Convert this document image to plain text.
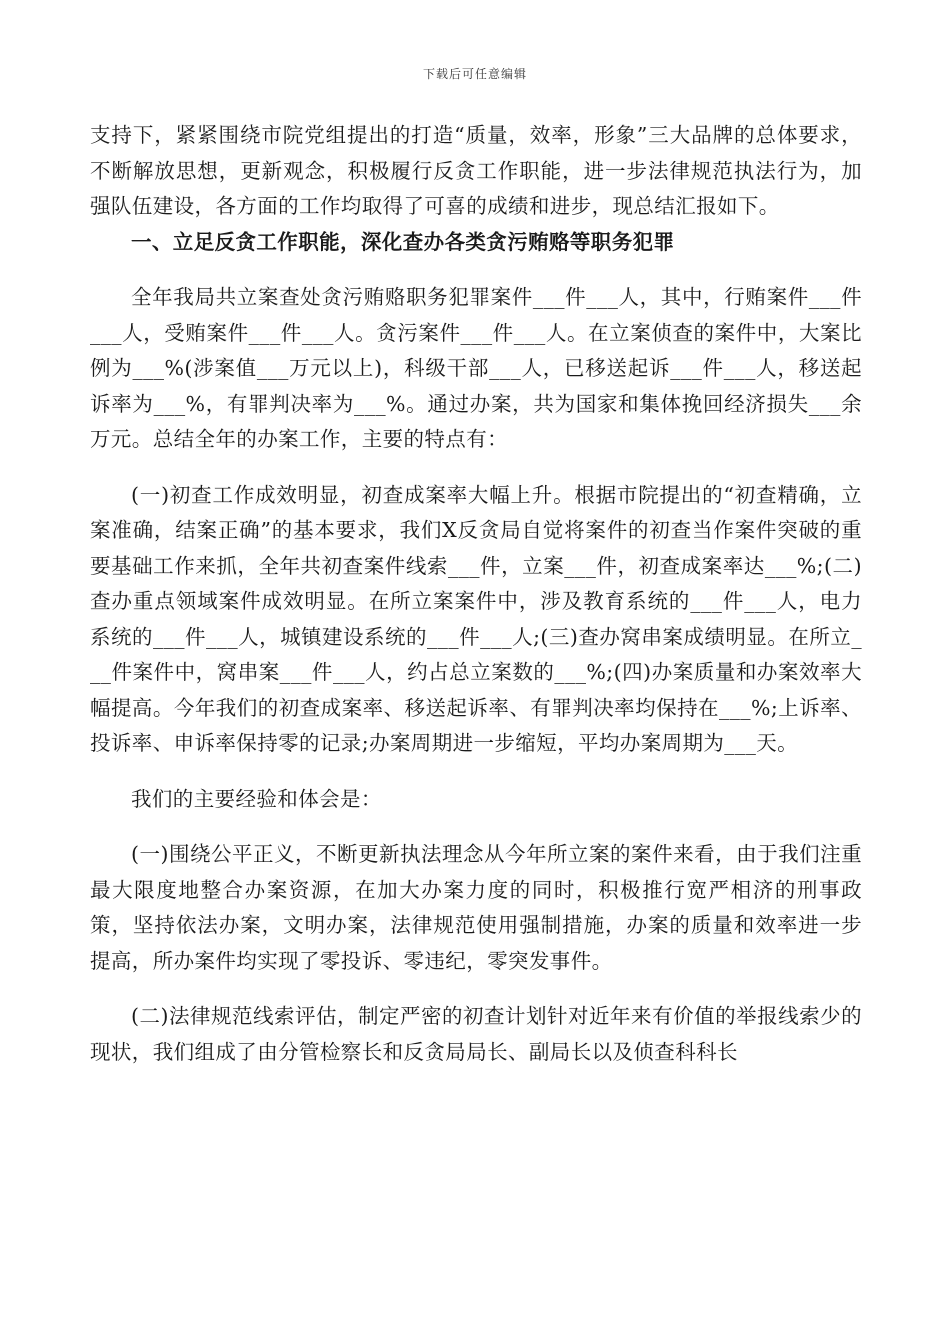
下载后可任意编辑

支持下，紧紧围绕市院党组提出的打造“质量，效率，形象”三大品牌的总体要求，不断解放思想，更新观念，积极履行反贪工作职能，进一步法律规范执法行为，加强队伍建设，各方面的工作均取得了可喜的成绩和进步，现总结汇报如下。

一、立足反贪工作职能，深化查办各类贪污贿赂等职务犯罪

全年我局共立案查处贪污贿赂职务犯罪案件___件___人，其中，行贿案件___件___人，受贿案件___件___人。贪污案件___件___人。在立案侦查的案件中，大案比例为___%(涉案值___万元以上)，科级干部___人，已移送起诉___件___人，移送起诉率为___%，有罪判决率为___%。通过办案，共为国家和集体挽回经济损失___余万元。总结全年的办案工作，主要的特点有：

(一)初查工作成效明显，初查成案率大幅上升。根据市院提出的“初查精确，立案准确，结案正确”的基本要求，我们X反贪局自觉将案件的初查当作案件突破的重要基础工作来抓，全年共初查案件线索___件，立案___件，初查成案率达___%;(二)查办重点领域案件成效明显。在所立案案件中，涉及教育系统的___件___人，电力系统的___件___人，城镇建设系统的___件___人;(三)查办窝串案成绩明显。在所立___件案件中，窝串案___件___人，约占总立案数的___%;(四)办案质量和办案效率大幅提高。今年我们的初查成案率、移送起诉率、有罪判决率均保持在___%;上诉率、投诉率、申诉率保持零的记录;办案周期进一步缩短，平均办案周期为___天。

我们的主要经验和体会是：

(一)围绕公平正义，不断更新执法理念从今年所立案的案件来看，由于我们注重最大限度地整合办案资源，在加大办案力度的同时，积极推行宽严相济的刑事政策，坚持依法办案，文明办案，法律规范使用强制措施，办案的质量和效率进一步提高，所办案件均实现了零投诉、零违纪，零突发事件。

(二)法律规范线索评估，制定严密的初查计划针对近年来有价值的举报线索少的现状，我们组成了由分管检察长和反贪局局长、副局长以及侦查科科长
